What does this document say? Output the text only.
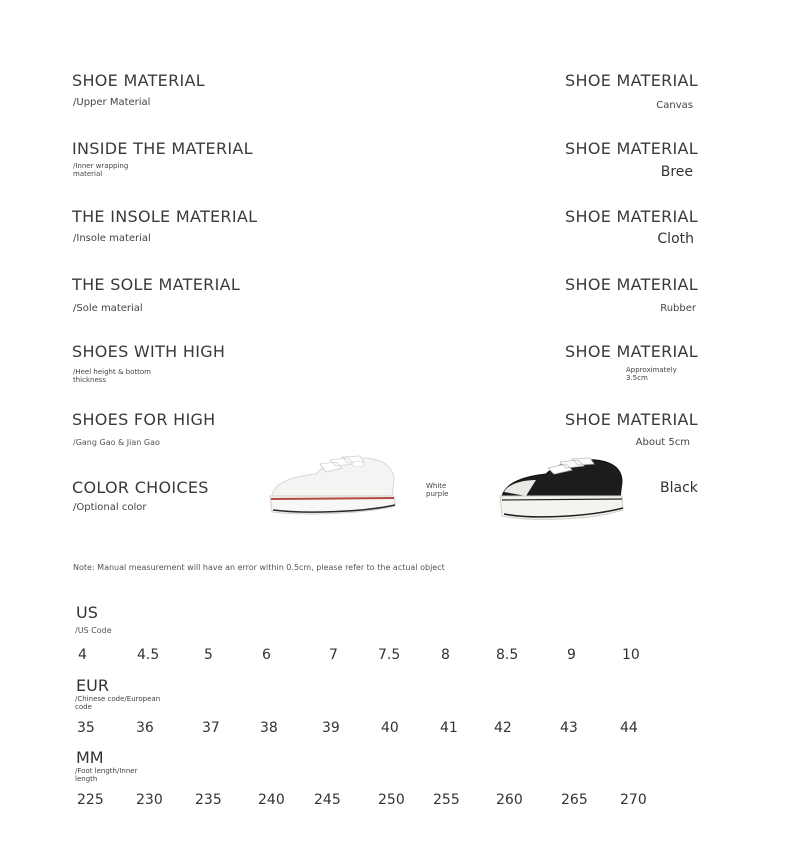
SHOE MATERIAL
/Upper Material
SHOE MATERIAL
Canvas
INSIDE THE MATERIAL
/Inner wrapping material
SHOE MATERIAL
Bree
THE INSOLE MATERIAL
/Insole material
SHOE MATERIAL
Cloth
THE SOLE MATERIAL
/Sole material
SHOE MATERIAL
Rubber
SHOES WITH HIGH
/Heel height & bottom thickness
SHOE MATERIAL
Approximately 3.5cm
SHOES FOR HIGH
/Gang Gao & Jian Gao
SHOE MATERIAL
About 5cm
COLOR CHOICES
/Optional color
White purple	Black
Note: Manual measurement will have an error within 0.5cm, please refer to the actual object
US
/US Code
4	4.5	5	6	7	7.5	8	8.5	9	10
EUR
/Chinese code/European code
35	36	37	38	39	40	41	42	43	44
MM
/Foot length/Inner length
225 230 235	240 245	250 255	260	265 270
